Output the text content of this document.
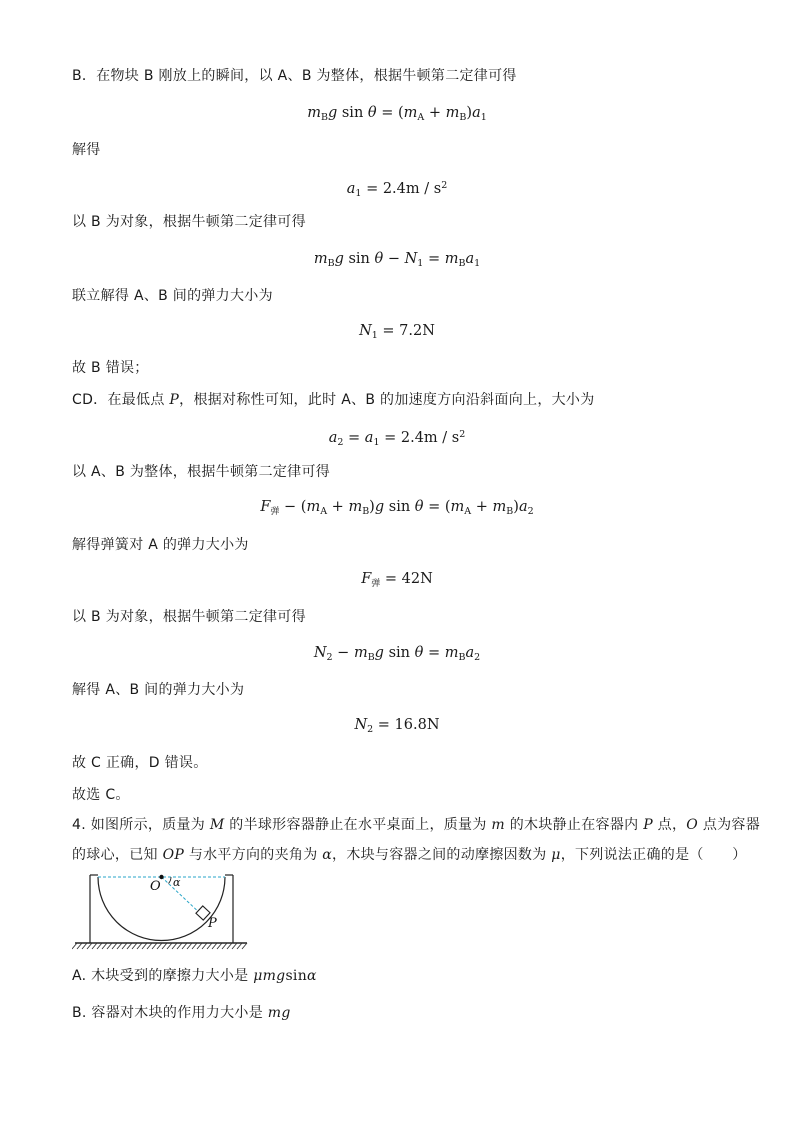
B．在物块 B 刚放上的瞬间，以 A、B 为整体，根据牛顿第二定律可得
$m_Bg$ $\sin \theta = (m_A + m_B)a_1$
解得
$a_1 = 2.4m / s^2$
以 B 为对象，根据牛顿第二定律可得
$m_Bg$ $\sin \theta - N_1 = m_Ba_1$
联立解得 A、B 间的弹力大小为
$N_1 = 7.2N$
故 B 错误；
CD．在最低点 P，根据对称性可知，此时 A、B 的加速度方向沿斜面向上，大小为
$a_2 = a_1 = 2.4m / s^2$
以 A、B 为整体，根据牛顿第二定律可得
$F_弹 - (m_A + m_B)g$ $\sin \theta = (m_A + m_B)a_2$
解得弹簧对 A 的弹力大小为
$F_弹 = 42N$
以 B 为对象，根据牛顿第二定律可得
$N_2 - m_Bg$ $\sin \theta = m_Ba_2$
解得 A、B 间的弹力大小为
$N_2 = 16.8N$
故 C 正确，D 错误。
故选 C。
4. 如图所示，质量为 M 的半球形容器静止在水平桌面上，质量为 m 的木块静止在容器内 P 点，O 点为容器
的球心，已知 OP 与水平方向的夹角为 α，木块与容器之间的动摩擦因数为 μ，下列说法正确的是（　　）
O α
P
A. 木块受到的摩擦力大小是 μmgsinα
B. 容器对木块的作用力大小是 mg
